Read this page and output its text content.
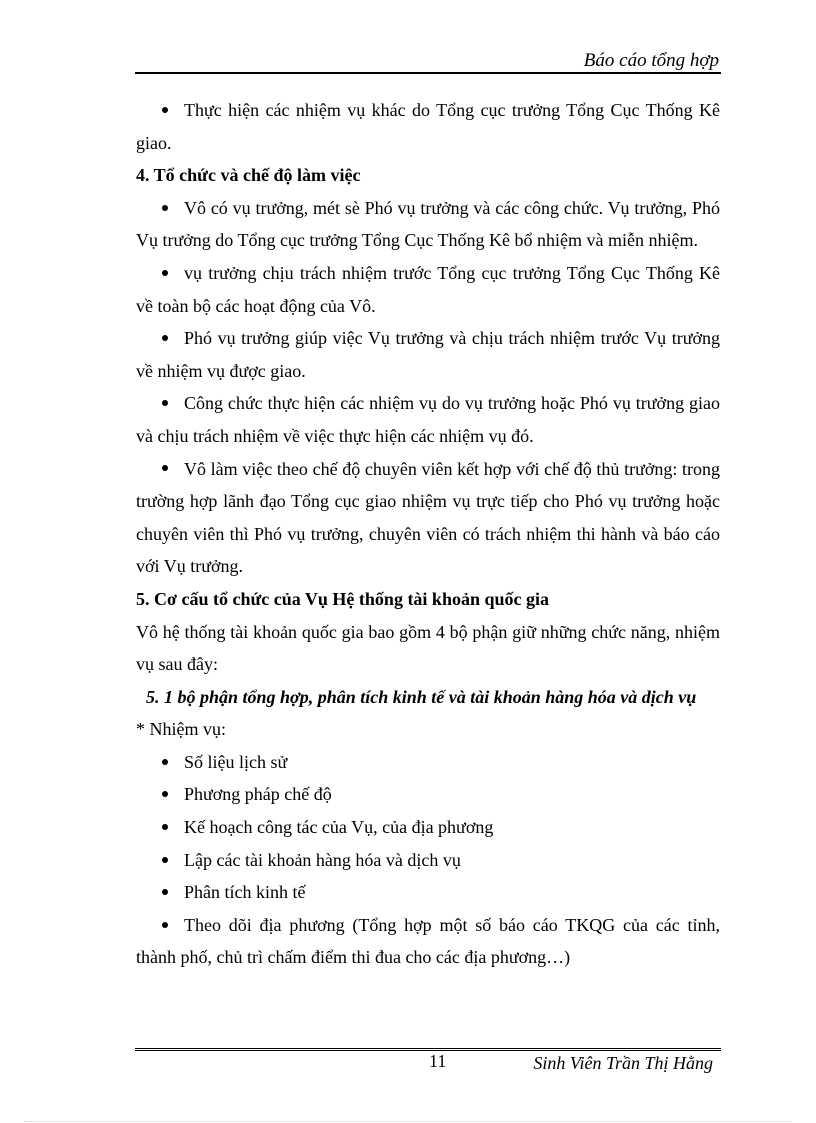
Báo cáo tổng hợp

Thực hiện các nhiệm vụ khác do Tổng cục trưởng Tổng Cục Thống Kê giao.

4. Tổ chức và chế độ làm việc

Vô có vụ trưởng, mét sè Phó vụ trưởng và các công chức. Vụ trưởng, Phó Vụ trưởng do Tổng cục trưởng Tổng Cục Thống Kê bổ nhiệm và miễn nhiệm.

vụ trưởng chịu trách nhiệm trước Tổng cục trưởng Tổng Cục Thống Kê về toàn bộ các hoạt động của Vô.

Phó vụ trưởng giúp việc Vụ trưởng và chịu trách nhiệm trước Vụ trưởng về nhiệm vụ được giao.

Công chức thực hiện các nhiệm vụ do vụ trưởng hoặc Phó vụ trưởng giao và chịu trách nhiệm về việc thực hiện các nhiệm vụ đó.

Vô làm việc theo chế độ chuyên viên kết hợp với chế độ thủ trưởng: trong trường hợp lãnh đạo Tổng cục giao nhiệm vụ trực tiếp cho Phó vụ trưởng hoặc chuyên viên thì Phó vụ trưởng, chuyên viên có trách nhiệm thi hành và báo cáo với Vụ trưởng.

5. Cơ cấu tổ chức của Vụ Hệ thống tài khoản quốc gia

Vô hệ thống tài khoản quốc gia bao gồm 4 bộ phận giữ những chức năng, nhiệm vụ sau đây:

5. 1 bộ phận tổng hợp, phân tích kinh tế và tài khoản hàng hóa và dịch vụ

* Nhiệm vụ:

Số liệu lịch sử

Phương pháp chế độ

Kế hoạch công tác của Vụ, của địa phương

Lập các tài khoản hàng hóa và dịch vụ

Phân tích kinh tế

Theo dõi địa phương (Tổng hợp một số báo cáo TKQG của các tỉnh, thành phố, chủ trì chấm điểm thi đua cho các địa phương…)

11	Sinh Viên Trần Thị Hằng
